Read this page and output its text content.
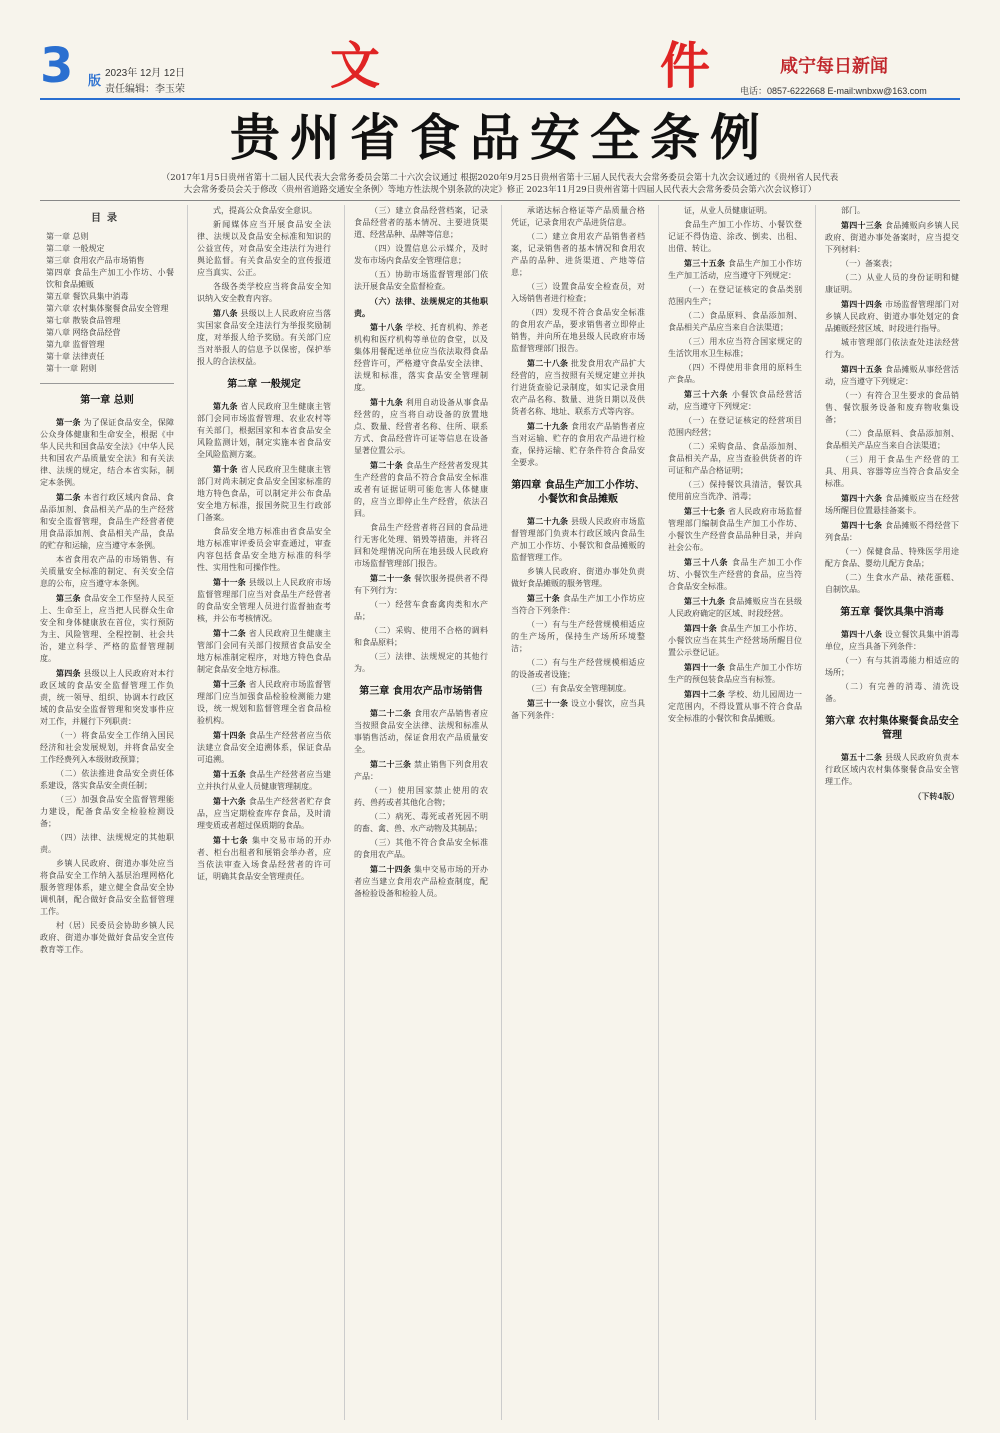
3 版
2023年 12月 12日
责任编辑：李玉荣	文	件	咸宁每日新闻
电话：0857-6222668 E-mail:wnbxw@163.com
贵州省食品安全条例
（2017年1月5日贵州省第十二届人民代表大会常务委员会第二十六次会议通过 根据2020年9月25日贵州省第十三届人民代表大会常务委员会第十九次会议通过的《贵州省人民代表大会常务委员会关于修改〈贵州省道路交通安全条例〉等地方性法规个别条款的决定》修正 2023年11月29日贵州省第十四届人民代表大会常务委员会第六次会议修订）
目录
第一章 总则
第二章 一般规定
第三章 食用农产品市场销售
第四章 食品生产加工小作坊、小餐饮和食品摊贩
第五章 餐饮具集中消毒
第六章 农村集体聚餐食品安全管理
第七章 散装食品管理
第八章 网络食品经营
第九章 监督管理
第十章 法律责任
第十一章 附则
第一章 总则

第一条 为了保证食品安全，保障公众身体健康和生命安全，根据《中华人民共和国食品安全法》《中华人民共和国农产品质量安全法》和有关法律、法规的规定，结合本省实际，制定本条例。

第二条 本省行政区域内食品、食品添加剂、食品相关产品的生产经营和安全监督管理，食品生产经营者使用食品添加剂、食品相关产品，食品的贮存和运输，应当遵守本条例。

本省食用农产品的市场销售、有关质量安全标准的制定、有关安全信息的公布，应当遵守本条例。

第三条 食品安全工作坚持人民至上、生命至上，应当把人民群众生命安全和身体健康放在首位，实行预防为主、风险管理、全程控制、社会共治，建立科学、严格的监督管理制度。

第四条 县级以上人民政府对本行政区域的食品安全监督管理工作负责，统一领导、组织、协调本行政区域的食品安全监督管理和突发事件应对工作，并履行下列职责：

（一）将食品安全工作纳入国民经济和社会发展规划，并将食品安全工作经费列入本级财政预算；

（二）依法推进食品安全责任体系建设，落实食品安全责任制；

（三）加强食品安全监督管理能力建设，配备食品安全检验检测设备；

（四）法律、法规规定的其他职责。

乡镇人民政府、街道办事处应当将食品安全工作纳入基层治理网格化服务管理体系，建立健全食品安全协调机制，配合做好食品安全监督管理工作。

村（居）民委员会协助乡镇人民政府、街道办事处做好食品安全宣传教育等工作。

式，提高公众食品安全意识。

新闻媒体应当开展食品安全法律、法规以及食品安全标准和知识的公益宣传，对食品安全违法行为进行舆论监督。有关食品安全的宣传报道应当真实、公正。

各级各类学校应当将食品安全知识纳入安全教育内容。

第八条 县级以上人民政府应当落实国家食品安全违法行为举报奖励制度，对举报人给予奖励。有关部门应当对举报人的信息予以保密，保护举报人的合法权益。

第二章 一般规定

第九条 省人民政府卫生健康主管部门会同市场监督管理、农业农村等有关部门，根据国家和本省食品安全风险监测计划，制定实施本省食品安全风险监测方案。

第十条 省人民政府卫生健康主管部门对尚未制定食品安全国家标准的地方特色食品，可以制定并公布食品安全地方标准，报国务院卫生行政部门备案。

食品安全地方标准由省食品安全地方标准审评委员会审查通过，审查内容包括食品安全地方标准的科学性、实用性和可操作性。

第十一条 县级以上人民政府市场监督管理部门应当对食品生产经营者的食品安全管理人员进行监督抽查考核，并公布考核情况。

第十二条 省人民政府卫生健康主管部门会同有关部门按照省食品安全地方标准制定程序，对地方特色食品制定食品安全地方标准。

第十三条 省人民政府市场监督管理部门应当加强食品检验检测能力建设，统一规划和监督管理全省食品检验机构。

第十四条 食品生产经营者应当依法建立食品安全追溯体系，保证食品可追溯。

第十五条 食品生产经营者应当建立并执行从业人员健康管理制度。

第十六条 食品生产经营者贮存食品，应当定期检查库存食品，及时清理变质或者超过保质期的食品。

第十七条 集中交易市场的开办者、柜台出租者和展销会举办者，应当依法审查入场食品经营者的许可证，明确其食品安全管理责任。

（三）建立食品经营档案，记录食品经营者的基本情况、主要进货渠道、经营品种、品牌等信息；

（四）设置信息公示媒介，及时发布市场内食品安全管理信息；

（五）协助市场监督管理部门依法开展食品安全监督检查。

（六）法律、法规规定的其他职责。

第十八条 学校、托育机构、养老机构和医疗机构等单位的食堂，以及集体用餐配送单位应当依法取得食品经营许可，严格遵守食品安全法律、法规和标准，落实食品安全管理制度。

第十九条 利用自动设备从事食品经营的，应当将自动设备的放置地点、数量、经营者名称、住所、联系方式、食品经营许可证等信息在设备显著位置公示。

第二十条 食品生产经营者发现其生产经营的食品不符合食品安全标准或者有证据证明可能危害人体健康的，应当立即停止生产经营，依法召回。

食品生产经营者将召回的食品进行无害化处理、销毁等措施，并将召回和处理情况向所在地县级人民政府市场监督管理部门报告。

第二十一条 餐饮服务提供者不得有下列行为：

（一）经营车食畜禽肉类和水产品；

（二）采购、使用不合格的调料和食品原料；

（三）法律、法规规定的其他行为。

第三章 食用农产品市场销售

第二十二条 食用农产品销售者应当按照食品安全法律、法规和标准从事销售活动，保证食用农产品质量安全。

第二十三条 禁止销售下列食用农产品：

（一）使用国家禁止使用的农药、兽药或者其他化合物；

（二）病死、毒死或者死因不明的畜、禽、兽、水产动物及其制品；

（三）其他不符合食品安全标准的食用农产品。

第二十四条 集中交易市场的开办者应当建立食用农产品检查制度，配备检验设备和检验人员。

承诺达标合格证等产品质量合格凭证，记录食用农产品进货信息。

（二）建立食用农产品销售者档案，记录销售者的基本情况和食用农产品的品种、进货渠道、产地等信息；

（三）设置食品安全检查员，对入场销售者进行检查；

（四）发现不符合食品安全标准的食用农产品，要求销售者立即停止销售，并向所在地县级人民政府市场监督管理部门报告。

第二十八条 批发食用农产品扩大经营的，应当按照有关规定建立并执行进货查验记录制度，如实记录食用农产品名称、数量、进货日期以及供货者名称、地址、联系方式等内容。

第二十九条 食用农产品销售者应当对运输、贮存的食用农产品进行检查，保持运输、贮存条件符合食品安全要求。

第四章 食品生产加工小作坊、小餐饮和食品摊贩

第二十九条 县级人民政府市场监督管理部门负责本行政区域内食品生产加工小作坊、小餐饮和食品摊贩的监督管理工作。

乡镇人民政府、街道办事处负责做好食品摊贩的服务管理。

第三十条 食品生产加工小作坊应当符合下列条件：

（一）有与生产经营规模相适应的生产场所，保持生产场所环境整洁；

（二）有与生产经营规模相适应的设备或者设施；

（三）有食品安全管理制度。

第三十一条 设立小餐饮，应当具备下列条件：

证，从业人员健康证明。

食品生产加工小作坊、小餐饮登记证不得伪造、涂改、倒卖、出租、出借、转让。

第三十五条 食品生产加工小作坊生产加工活动，应当遵守下列规定：

（一）在登记证核定的食品类别范围内生产；

（二）食品原料、食品添加剂、食品相关产品应当来自合法渠道；

（三）用水应当符合国家规定的生活饮用水卫生标准；

（四）不得使用非食用的原料生产食品。

第三十六条 小餐饮食品经营活动，应当遵守下列规定：

（一）在登记证核定的经营项目范围内经营；

（二）采购食品、食品添加剂、食品相关产品，应当查验供货者的许可证和产品合格证明；

（三）保持餐饮具清洁，餐饮具使用前应当洗净、消毒；

第三十七条 省人民政府市场监督管理部门编制食品生产加工小作坊、小餐饮生产经营食品品种目录，并向社会公布。

第三十八条 食品生产加工小作坊、小餐饮生产经营的食品，应当符合食品安全标准。

第三十九条 食品摊贩应当在县级人民政府确定的区域、时段经营。

第四十条 食品生产加工小作坊、小餐饮应当在其生产经营场所醒目位置公示登记证。

第四十一条 食品生产加工小作坊生产的预包装食品应当有标签。

第四十二条 学校、幼儿园周边一定范围内，不得设置从事不符合食品安全标准的小餐饮和食品摊贩。

部门。

第四十三条 食品摊贩向乡镇人民政府、街道办事处备案时，应当提交下列材料：

（一）备案表；

（二）从业人员的身份证明和健康证明。

第四十四条 市场监督管理部门对乡镇人民政府、街道办事处划定的食品摊贩经营区域、时段进行指导。

城市管理部门依法查处违法经营行为。

第四十五条 食品摊贩从事经营活动，应当遵守下列规定：

（一）有符合卫生要求的食品销售、餐饮服务设备和废弃物收集设备；

（二）食品原料、食品添加剂、食品相关产品应当来自合法渠道；

（三）用于食品生产经营的工具、用具、容器等应当符合食品安全标准。

第四十六条 食品摊贩应当在经营场所醒目位置悬挂备案卡。

第四十七条 食品摊贩不得经营下列食品：

（一）保健食品、特殊医学用途配方食品、婴幼儿配方食品；

（二）生食水产品、裱花蛋糕、自制饮品。

第五章 餐饮具集中消毒

第四十八条 设立餐饮具集中消毒单位，应当具备下列条件：

（一）有与其消毒能力相适应的场所；

（二）有完善的消毒、清洗设备。

第六章 农村集体聚餐食品安全管理

第五十二条 县级人民政府负责本行政区域内农村集体聚餐食品安全管理工作。

（下转4版）
